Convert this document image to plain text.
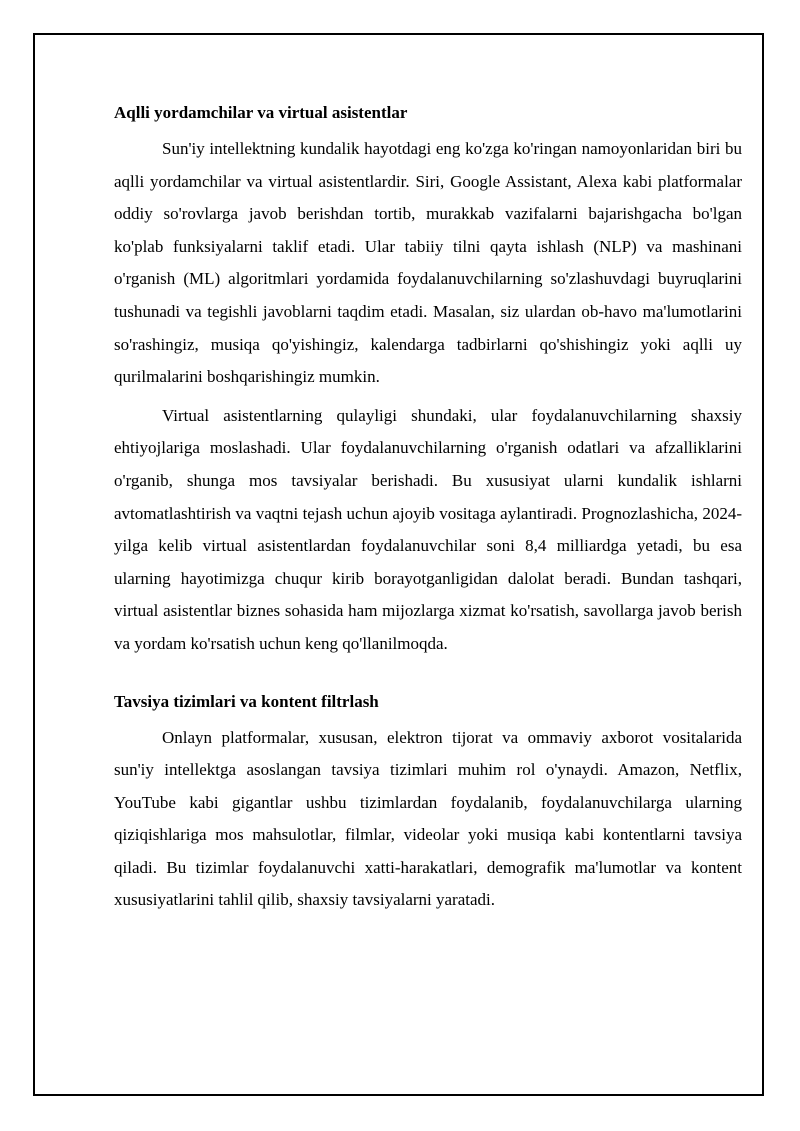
Aqlli yordamchilar va virtual asistentlar

Sun'iy intellektning kundalik hayotdagi eng ko'zga ko'ringan namoyonlaridan biri bu aqlli yordamchilar va virtual asistentlardir. Siri, Google Assistant, Alexa kabi platformalar oddiy so'rovlarga javob berishdan tortib, murakkab vazifalarni bajarishgacha bo'lgan ko'plab funksiyalarni taklif etadi. Ular tabiiy tilni qayta ishlash (NLP) va mashinani o'rganish (ML) algoritmlari yordamida foydalanuvchilarning so'zlashuvdagi buyruqlarini tushunadi va tegishli javoblarni taqdim etadi. Masalan, siz ulardan ob-havo ma'lumotlarini so'rashingiz, musiqa qo'yishingiz, kalendarga tadbirlarni qo'shishingiz yoki aqlli uy qurilmalarini boshqarishingiz mumkin.

Virtual asistentlarning qulayligi shundaki, ular foydalanuvchilarning shaxsiy ehtiyojlariga moslashadi. Ular foydalanuvchilarning o'rganish odatlari va afzalliklarini o'rganib, shunga mos tavsiyalar berishadi. Bu xususiyat ularni kundalik ishlarni avtomatlashtirish va vaqtni tejash uchun ajoyib vositaga aylantiradi. Prognozlashicha, 2024-yilga kelib virtual asistentlardan foydalanuvchilar soni 8,4 milliardga yetadi, bu esa ularning hayotimizga chuqur kirib borayotganligidan dalolat beradi. Bundan tashqari, virtual asistentlar biznes sohasida ham mijozlarga xizmat ko'rsatish, savollarga javob berish va yordam ko'rsatish uchun keng qo'llanilmoqda.

Tavsiya tizimlari va kontent filtrlash

Onlayn platformalar, xususan, elektron tijorat va ommaviy axborot vositalarida sun'iy intellektga asoslangan tavsiya tizimlari muhim rol o'ynaydi. Amazon, Netflix, YouTube kabi gigantlar ushbu tizimlardan foydalanib, foydalanuvchilarga ularning qiziqishlariga mos mahsulotlar, filmlar, videolar yoki musiqa kabi kontentlarni tavsiya qiladi. Bu tizimlar foydalanuvchi xatti-harakatlari, demografik ma'lumotlar va kontent xususiyatlarini tahlil qilib, shaxsiy tavsiyalarni yaratadi.
